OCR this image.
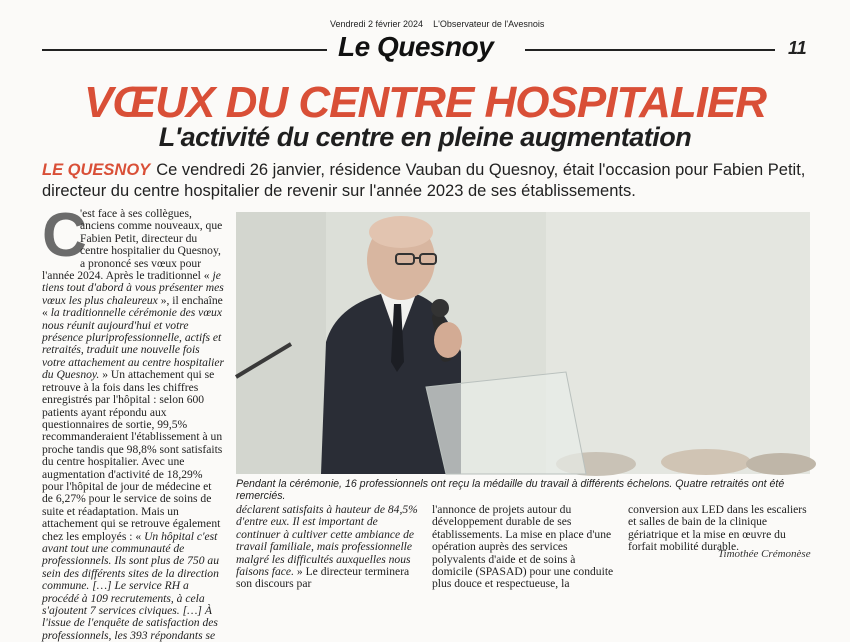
Vendredi 2 février 2024 L'Observateur de l'Avesnois
Le Quesnoy	11
VŒUX DU CENTRE HOSPITALIER
L'activité du centre en pleine augmentation
LE QUESNOY Ce vendredi 26 janvier, résidence Vauban du Quesnoy, était l'occasion pour Fabien Petit, directeur du centre hospitalier de revenir sur l'année 2023 de ses établissements.
C
'est face à ses collègues, anciens comme nouveaux, que Fabien Petit, directeur du centre hospitalier du Quesnoy, a prononcé ses vœux pour l'année 2024. Après le traditionnel « je tiens tout d'abord à vous présenter mes vœux les plus chaleureux », il enchaîne « la traditionnelle cérémonie des vœux nous réunit aujourd'hui et votre présence pluriprofessionnelle, actifs et retraités, traduit une nouvelle fois votre attachement au centre hospitalier du Quesnoy. » Un attachement qui se retrouve à la fois dans les chiffres enregistrés par l'hôpital : selon 600 patients ayant répondu aux questionnaires de sortie, 99,5% recommanderaient l'établissement à un proche tandis que 98,8% sont satisfaits du centre hospitalier. Avec une augmentation d'activité de 18,29% pour l'hôpital de jour de médecine et de 6,27% pour le service de soins de suite et réadaptation. Mais un attachement qui se retrouve également chez les employés : « Un hôpital c'est avant tout une communauté de professionnels. Ils sont plus de 750 au sein des différents sites de la direction commune. […] Le service RH a procédé à 109 recrutements, à cela s'ajoutent 7 services civiques. […] À l'issue de l'enquête de satisfaction des professionnels, les 393 répondants se
Pendant la cérémonie, 16 professionnels ont reçu la médaille du travail à différents échelons. Quatre retraités ont été remerciés.
déclarent satisfaits à hauteur de 84,5% d'entre eux. Il est important de continuer à cultiver cette ambiance de travail familiale, mais professionnelle malgré les difficultés auxquelles nous faisons face. » Le directeur terminera son discours par
l'annonce de projets autour du développement durable de ses établissements. La mise en place d'une opération auprès des services polyvalents d'aide et de soins à domicile (SPASAD) pour une conduite plus douce et respectueuse, la
conversion aux LED dans les escaliers et salles de bain de la clinique gériatrique et la mise en œuvre du forfait mobilité durable.
Timothée Crémonèse
